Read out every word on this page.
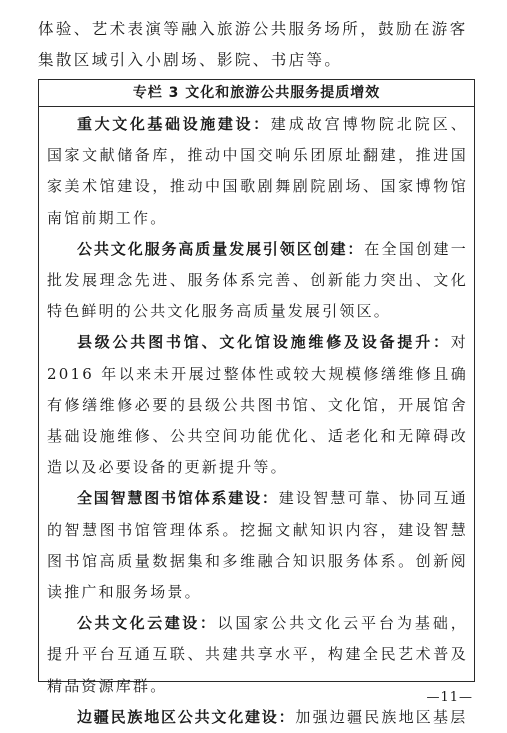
体验、艺术表演等融入旅游公共服务场所，鼓励在游客集散区域引入小剧场、影院、书店等。
专栏 3 文化和旅游公共服务提质增效

重大文化基础设施建设：建成故宫博物院北院区、国家文献储备库，推动中国交响乐团原址翻建，推进国家美术馆建设，推动中国歌剧舞剧院剧场、国家博物馆南馆前期工作。

公共文化服务高质量发展引领区创建：在全国创建一批发展理念先进、服务体系完善、创新能力突出、文化特色鲜明的公共文化服务高质量发展引领区。

县级公共图书馆、文化馆设施维修及设备提升：对 2016 年以来未开展过整体性或较大规模修缮维修且确有修缮维修必要的县级公共图书馆、文化馆，开展馆舍基础设施维修、公共空间功能优化、适老化和无障碍改造以及必要设备的更新提升等。

全国智慧图书馆体系建设：建设智慧可靠、协同互通的智慧图书馆管理体系。挖掘文献知识内容，建设智慧图书馆高质量数据集和多维融合知识服务体系。创新阅读推广和服务场景。

公共文化云建设：以国家公共文化云平台为基础，提升平台互通互联、共建共享水平，构建全民艺术普及精品资源库群。

边疆民族地区公共文化建设：加强边疆民族地区基层

—11—
